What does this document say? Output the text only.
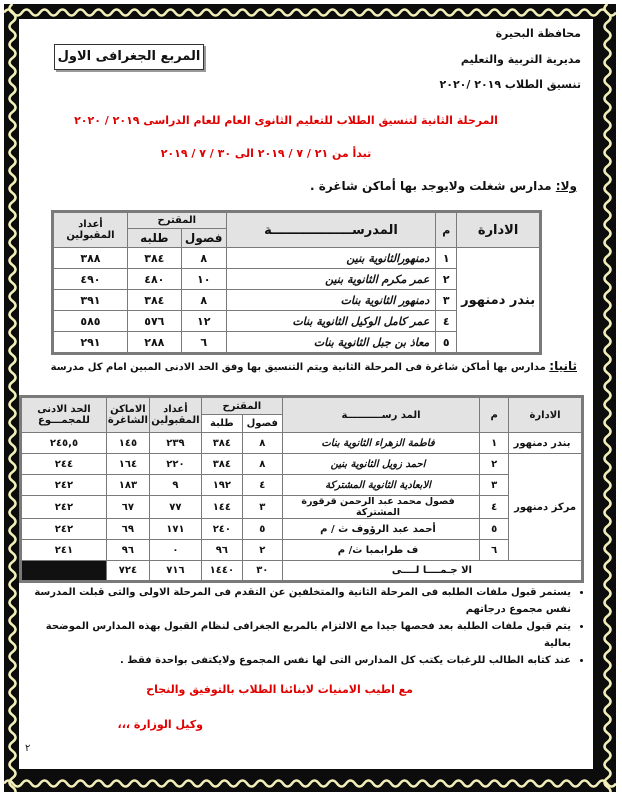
محافظة البحيرة
مديرية التربية والتعليم
تنسيق الطلاب ٢٠١٩ /٢٠٢٠
المربع الجغرافى الاول
المرحلة الثانية لتنسيق الطلاب للتعليم الثانوى العام للعام الدراسى ٢٠١٩ / ٢٠٢٠
تبدأ من ٢١ / ٧ / ٢٠١٩ الى ٣٠ / ٧ / ٢٠١٩
ولا: مدارس شغلت ولايوجد بها أماكن شاغرة .
الادارة	م	المدرســــــــــــــــــة	المقترح		أعداد المقبولين
			فصول	طلبه	
بندر دمنهور	١	دمنهورالثانوية بنين	٨	٣٨٤	٣٨٨
	٢	عمر مكرم الثانوية بنين	١٠	٤٨٠	٤٩٠
	٣	دمنهور الثانوية بنات	٨	٣٨٤	٣٩١
	٤	عمر كامل الوكيل الثانوية بنات	١٢	٥٧٦	٥٨٥
	٥	معاذ بن جبل الثانوية بنات	٦	٢٨٨	٢٩١
ثانيا: مدارس بها أماكن شاغرة فى المرحلة الثانية ويتم التنسيق بها وفق الحد الادنى المبين امام كل مدرسة
الادارة	م	المد رســــــــــة	المقترح		أعداد المقبولين	الاماكن الشاغرة	الحد الادنى للمجمـــوع
			فصول	طلبة			
بندر دمنهور	١	فاطمة الزهراء الثانوية بنات	٨	٣٨٤	٢٣٩	١٤٥	٢٤٥,٥
مركز دمنهور	٢	احمد زويل الثانوية بنين	٨	٣٨٤	٢٢٠	١٦٤	٢٤٤
	٣	الابعادية الثانوية المشتركة	٤	١٩٢	٩	١٨٣	٢٤٢
	٤	فصول محمد عبد الرحمن قرقورة المشتركة	٣	١٤٤	٧٧	٦٧	٢٤٢
	٥	أحمد عبد الرؤوف ث / م	٥	٢٤٠	١٧١	٦٩	٢٤٢
	٦	ف طرابمبا ث/ م	٢	٩٦	٠	٩٦	٢٤١
الا جـمــــا لــــى			٣٠	١٤٤٠	٧١٦	٧٢٤	
• يستمر قبول ملفات الطلبه فى المرحلة الثانية والمتخلفين عن التقدم فى المرحلة الاولى والتى قبلت المدرسة نفس مجموع درجاتهم
• يتم قبول ملفات الطلبة بعد فحصها جيدا مع الالتزام بالمربع الجغرافى لنظام القبول بهذه المدارس الموضحة بعالية
• عند كتابه الطالب للرغبات يكتب كل المدارس التى لها نفس المجموع ولايكتفى بواحدة فقط .
مع اطيب الامنيات لابنائنا الطلاب بالتوفيق والنجاح
وكيل الوزارة ،،،
٢
